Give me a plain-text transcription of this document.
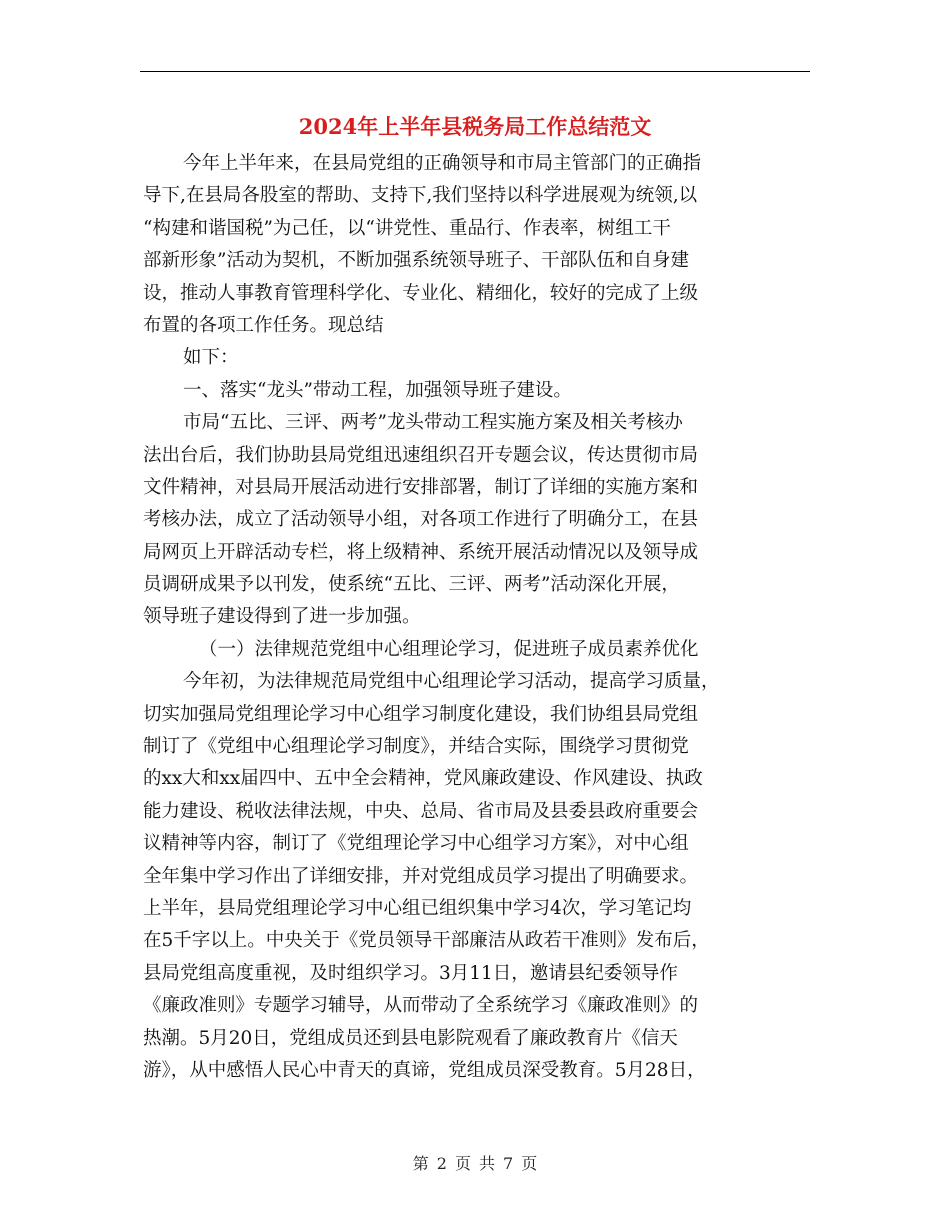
2024年上半年县税务局工作总结范文
今年上半年来，在县局党组的正确领导和市局主管部门的正确指
导下,在县局各股室的帮助、支持下,我们坚持以科学进展观为统领,以
“构建和谐国税”为己任，以“讲党性、重品行、作表率，树组工干
部新形象”活动为契机，不断加强系统领导班子、干部队伍和自身建
设，推动人事教育管理科学化、专业化、精细化，较好的完成了上级
布置的各项工作任务。现总结
如下：
一、落实“龙头”带动工程，加强领导班子建设。
市局“五比、三评、两考”龙头带动工程实施方案及相关考核办
法出台后，我们协助县局党组迅速组织召开专题会议，传达贯彻市局
文件精神，对县局开展活动进行安排部署，制订了详细的实施方案和
考核办法，成立了活动领导小组，对各项工作进行了明确分工，在县
局网页上开辟活动专栏，将上级精神、系统开展活动情况以及领导成
员调研成果予以刊发，使系统“五比、三评、两考”活动深化开展，
领导班子建设得到了进一步加强。
（一）法律规范党组中心组理论学习，促进班子成员素养优化
今年初，为法律规范局党组中心组理论学习活动，提高学习质量，
切实加强局党组理论学习中心组学习制度化建设，我们协组县局党组
制订了《党组中心组理论学习制度》，并结合实际，围绕学习贯彻党
的xx大和xx届四中、五中全会精神，党风廉政建设、作风建设、执政
能力建设、税收法律法规，中央、总局、省市局及县委县政府重要会
议精神等内容，制订了《党组理论学习中心组学习方案》，对中心组
全年集中学习作出了详细安排，并对党组成员学习提出了明确要求。
上半年，县局党组理论学习中心组已组织集中学习4次，学习笔记均
在5千字以上。中央关于《党员领导干部廉洁从政若干准则》发布后，
县局党组高度重视，及时组织学习。3月11日，邀请县纪委领导作
《廉政准则》专题学习辅导，从而带动了全系统学习《廉政准则》的
热潮。5月20日，党组成员还到县电影院观看了廉政教育片《信天
游》，从中感悟人民心中青天的真谛，党组成员深受教育。5月28日，
第 2 页 共 7 页
